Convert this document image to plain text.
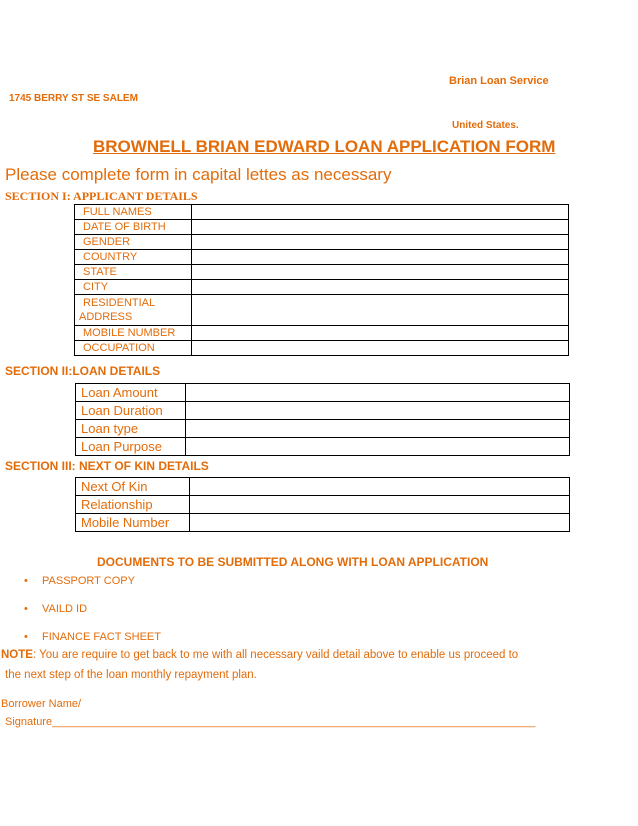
Brian Loan Service
1745 BERRY ST SE SALEM
United States.
BROWNELL BRIAN EDWARD LOAN APPLICATION FORM
Please complete form in capital lettes as necessary
SECTION I: APPLICANT DETAILS
FULL NAMES	
DATE OF BIRTH	
GENDER	
COUNTRY	
STATE	
CITY	

RESIDENTIAL
ADDRESS	

MOBILE NUMBER	
OCCUPATION	
SECTION II:LOAN DETAILS
Loan Amount	
Loan Duration	
Loan type	
Loan Purpose	
SECTION III: NEXT OF KIN DETAILS
Next Of Kin	
Relationship	
Mobile Number	
DOCUMENTS TO BE SUBMITTED ALONG WITH LOAN APPLICATION
• PASSPORT COPY
• VAILD ID
• FINANCE FACT SHEET
NOTE: You are require to get back to me with all necessary vaild detail above to enable us proceed to
the next step of the loan monthly repayment plan.
Borrower Name/
Signature_______________________________________________________________________________
